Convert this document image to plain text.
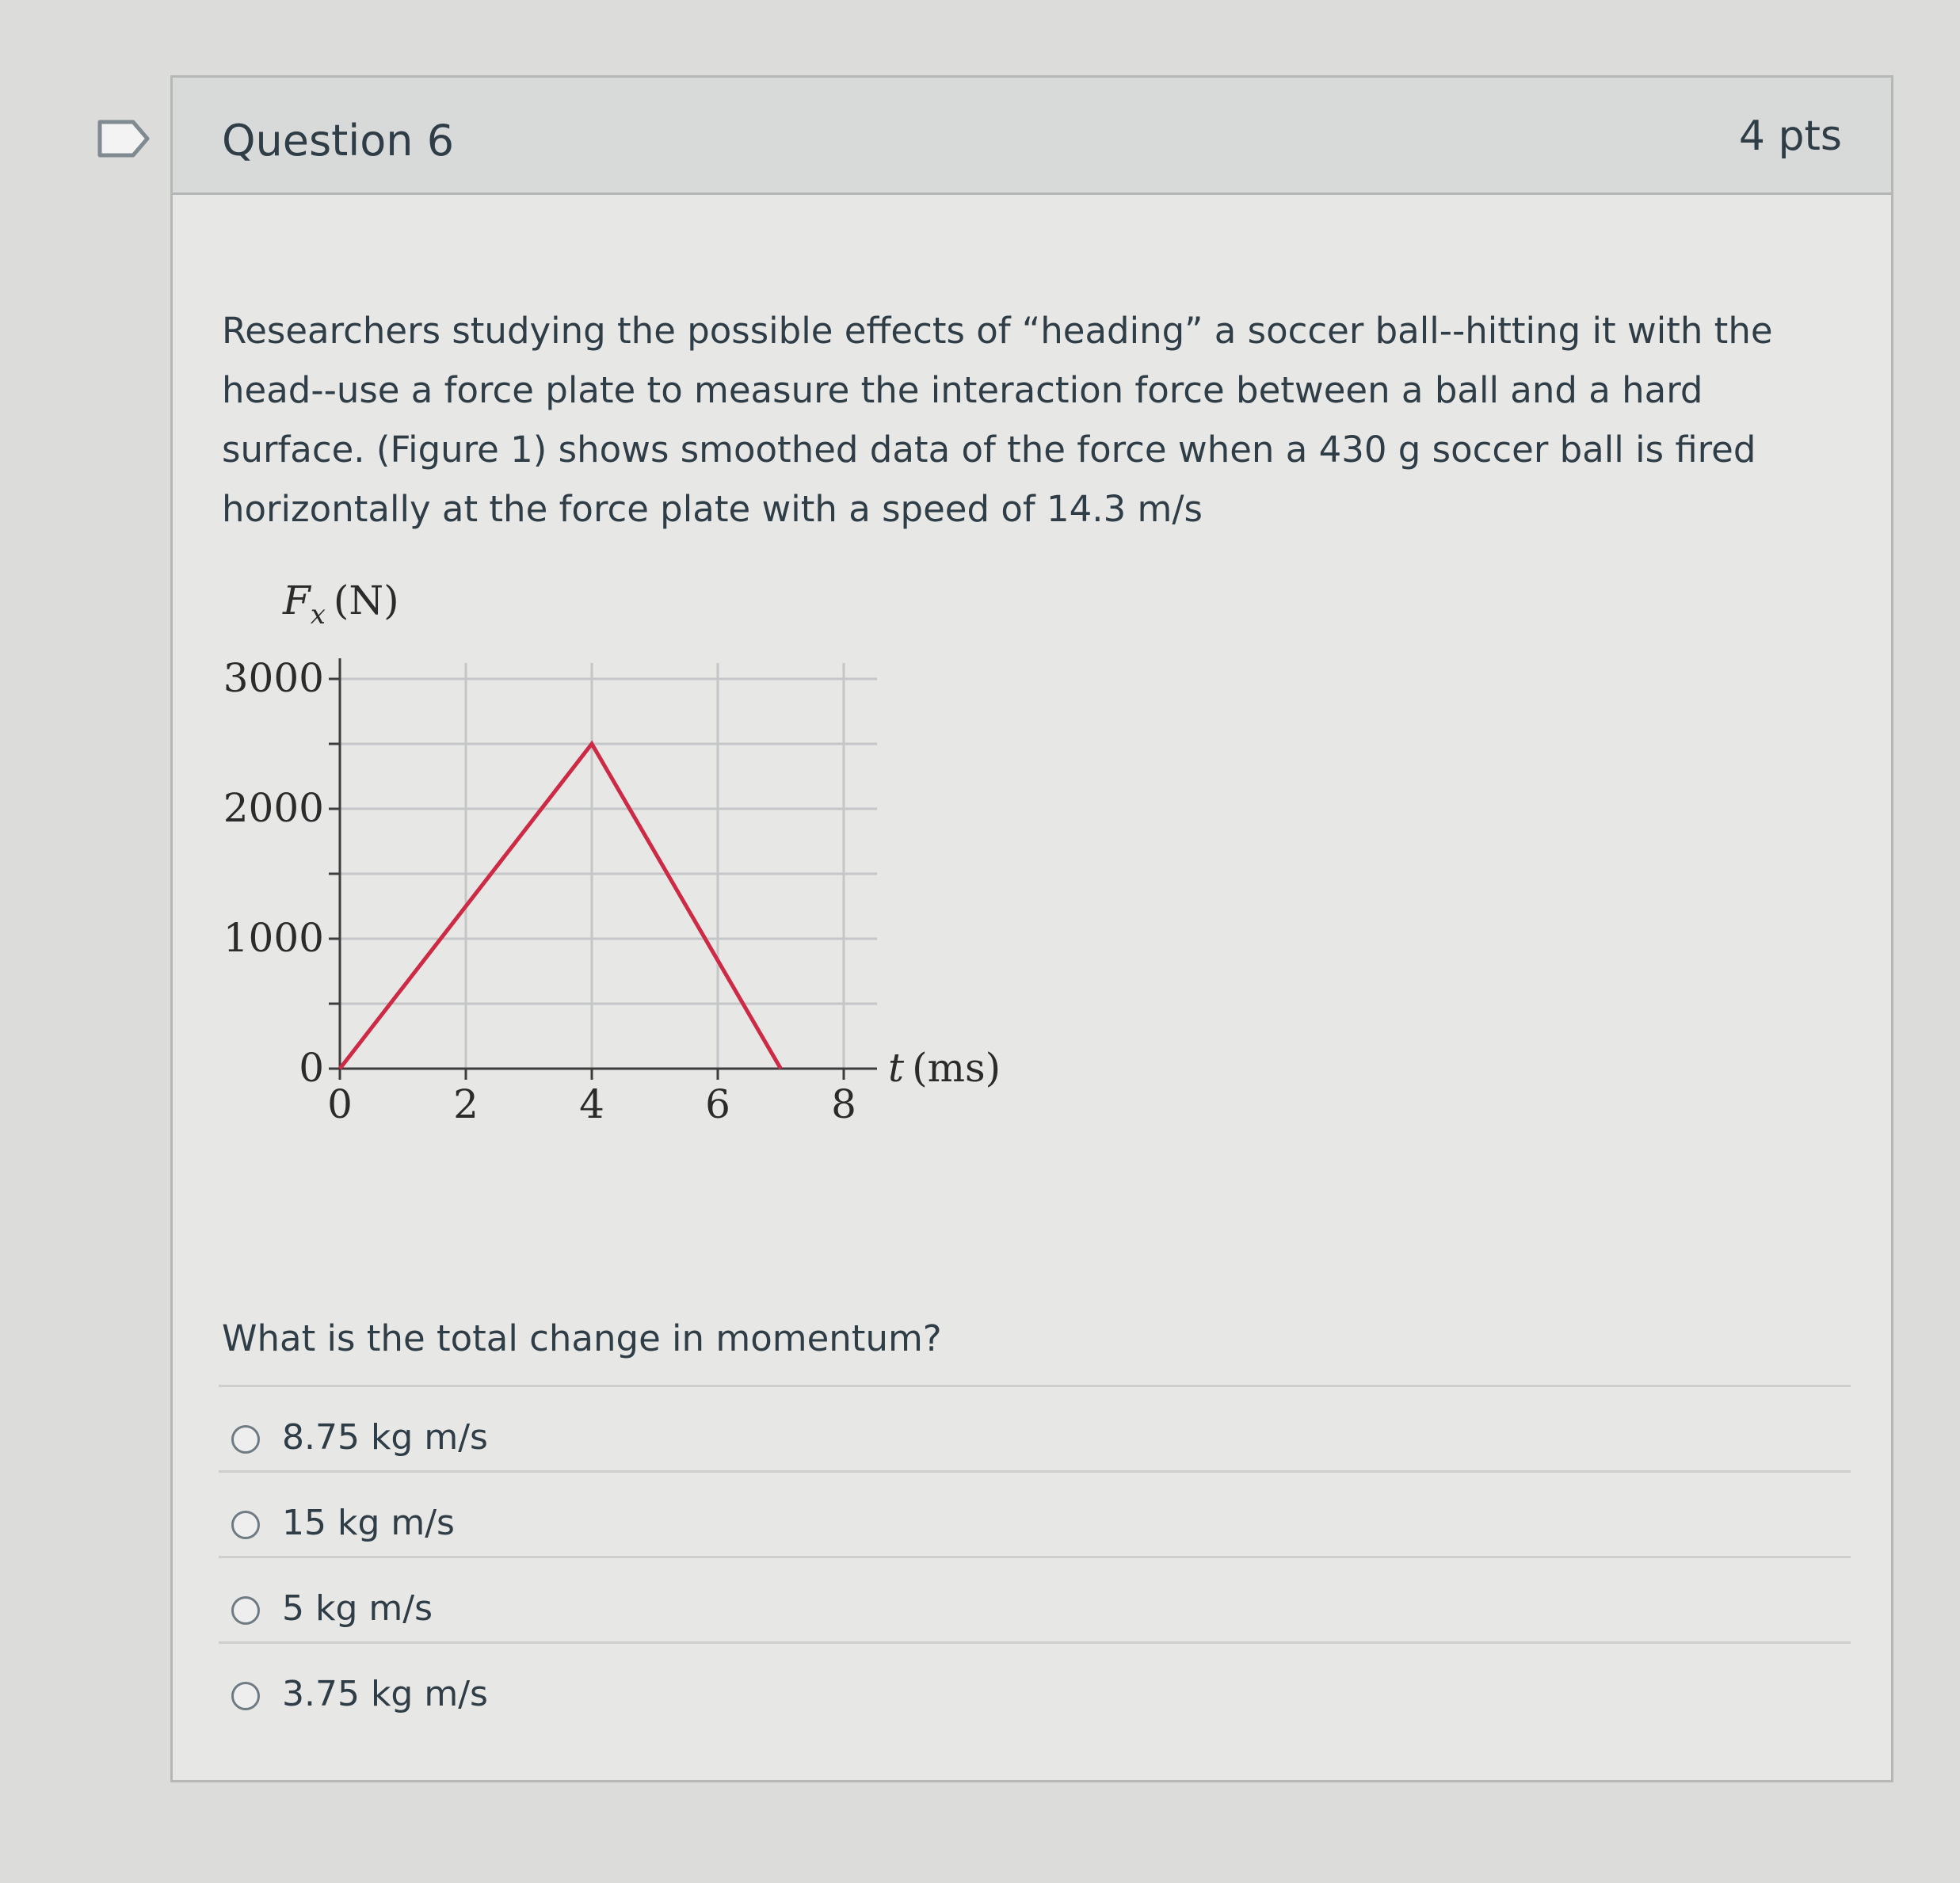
Question 6	4 pts
Researchers studying the possible effects of “heading” a soccer ball--hitting it with the head--use a force plate to measure the interaction force between a ball and a hard surface. (Figure 1) shows smoothed data of the force when a 430 g soccer ball is fired horizontally at the force plate with a speed of 14.3 m/s
0
1000
2000
3000
0	2	4	6	8
$F_x$ (N)
t (ms)
What is the total change in momentum?
8.75 kg m/s
15 kg m/s
5 kg m/s
3.75 kg m/s
